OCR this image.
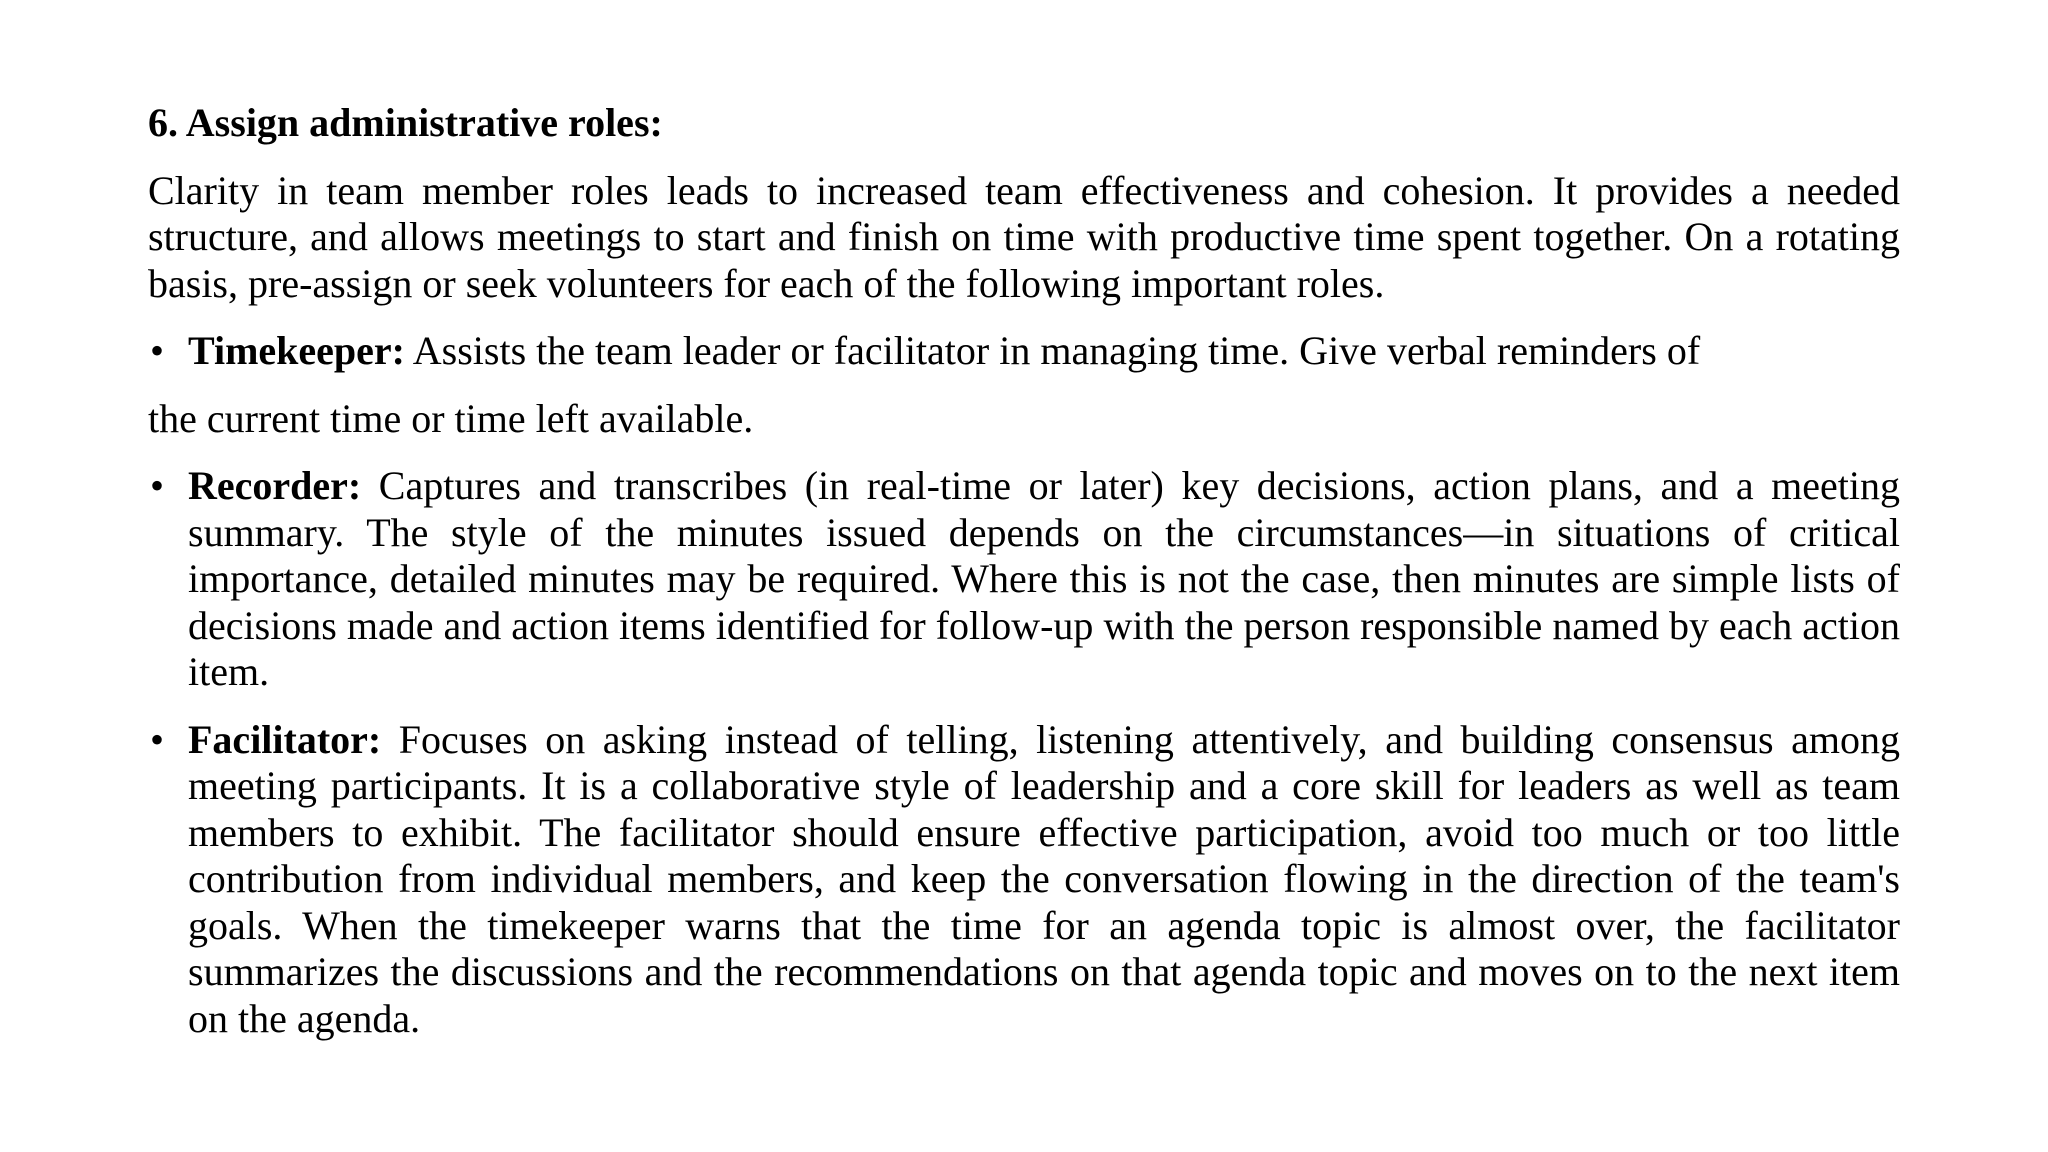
6. Assign administrative roles:
Clarity in team member roles leads to increased team effectiveness and cohesion. It provides a needed structure, and allows meetings to start and finish on time with productive time spent together. On a rotating basis, pre-assign or seek volunteers for each of the following important roles.
• Timekeeper: Assists the team leader or facilitator in managing time. Give verbal reminders of
the current time or time left available.
• Recorder: Captures and transcribes (in real-time or later) key decisions, action plans, and a meeting summary. The style of the minutes issued depends on the circumstances—in situations of critical importance, detailed minutes may be required. Where this is not the case, then minutes are simple lists of decisions made and action items identified for follow-up with the person responsible named by each action item.
• Facilitator: Focuses on asking instead of telling, listening attentively, and building consensus among meeting participants. It is a collaborative style of leadership and a core skill for leaders as well as team members to exhibit. The facilitator should ensure effective participation, avoid too much or too little contribution from individual members, and keep the conversation flowing in the direction of the team's goals. When the timekeeper warns that the time for an agenda topic is almost over, the facilitator summarizes the discussions and the recommendations on that agenda topic and moves on to the next item on the agenda.
